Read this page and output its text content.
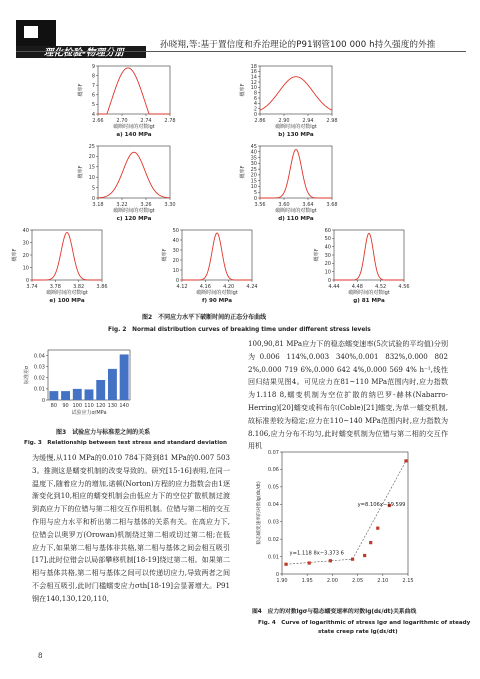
理化检验-物理分册
孙晓翔,等:基于置信度和乔治理论的P91钢管100 000 h持久强度的外推
4
5
6
7
8
9
2.66	2.70	2.74	2.78
破断时间的对数lgt
概率F
a) 140 MPa
0
2
4
6
8
10
12
14
16
18
2.86	2.90	2.94	2.98
破断时间的对数lgt
概率F
b) 130 MPa
0
5
10
15
20
25
3.18	3.22	3.26	3.30
破断时间的对数lgt
概率F
c) 120 MPa
0
5
10
15
20
25
30
35
40
45
3.56	3.60	3.64	3.68
破断时间的对数lgt
概率F
d) 110 MPa
0
10
20
30
40
3.74 3.78 3.82 3.86
破断时间的对数lgt
概率F
e) 100 MPa
0
10
20
30
40
50
4.12 4.16 4.20 4.24
破断时间的对数lgt
概率F
f) 90 MPa
0
10
20
30
40
50
60
4.44 4.48 4.52 4.56
破断时间的对数lgt
概率F
g) 81 MPa
图2　不同应力水平下破断时间的正态分布曲线
Fig. 2　Normal distribution curves of breaking time under different stress levels
0
0.01
0.02
0.03
0.04
80 90 100 110 120 130 140
试验应力σ/MPa
标准差σ
图3　试验应力与标准差之间的关系
Fig. 3　Relationship between test stress and standard deviation
0
0.01
0.02
0.03
0.04
0.05
0.06
0.07
1.90	1.95	2.00	2.05	2.10	2.15
稳态蠕变速率的对数lg(dε/dt)	y=8.106x−19.599
y=1.118 8x−3.373 6
图4　应力的对数lgσ与稳态蠕变速率的对数lg(dε/dt)关系曲线
Fig. 4　Curve of logarithmic of stress lgσ and logarithmic of steady
state creep rate lg(dε/dt)

为缓慢,从110 MPa的0.010 784下降到81 MPa的0.007 503 3。推测这是蠕变机制的改变导致的。研究[15-16]表明,在同一温度下,随着应力的增加,诺顿(Norton)方程的应力指数会由1逐渐变化到10,相应的蠕变机制会由低应力下的空位扩散机制过渡到高应力下的位错与第二相交互作用机制。位错与第二相的交互作用与应力水平和析出第二相与基体的关系有关。在高应力下,位错会以奥罗万(Orowan)机制绕过第二相或切过第二相;在低应力下,如果第二相与基体非共格,第二相与基体之间会相互吸引[17],此时位错会以局部攀移机制[18-19]绕过第二相。如果第二相与基体共格,第二相与基体之间可以传递切应力,导致两者之间不会相互吸引,此时门槛蠕变应力σth[18-19]会显著增大。P91钢在140,130,120,110,

100,90,81 MPa应力下的稳态蠕变速率(5次试验的平均值)分别为0.006 114%,0.003 340%,0.001 832%,0.000 802 2%,0.000 719 6%,0.000 642 4%,0.000 569 4% h⁻¹,线性回归结果见图4。可见应力在81~110 MPa范围内时,应力指数为1.118 8,蠕变机制为空位扩散的纳巴罗-赫林(Nabarro-Herring)[20]蠕变或科布尔(Coble)[21]蠕变,为单一蠕变机制,故标准差较为稳定;应力在110~140 MPa范围内时,应力指数为8.106,应力分布不均匀,此时蠕变机制为位错与第二相的交互作用机

8
